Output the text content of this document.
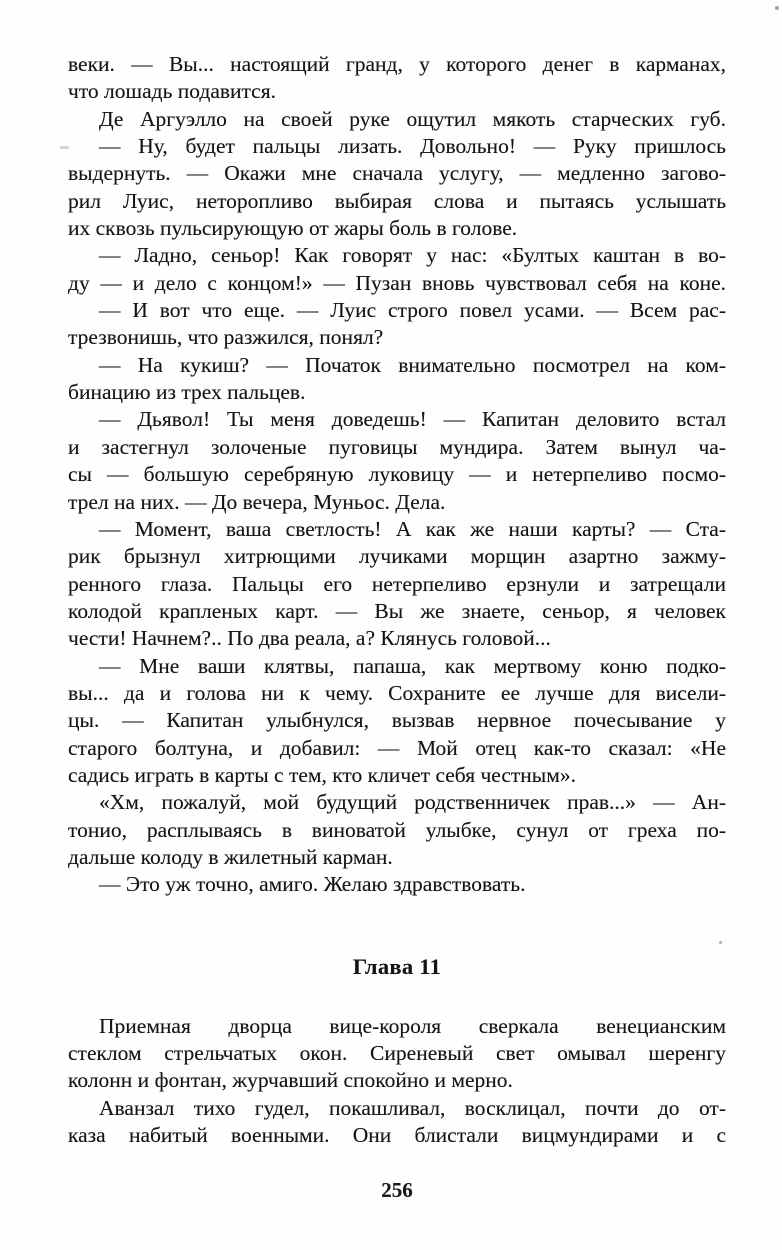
веки. — Вы... настоящий гранд, у которого денег в карманах,
что лошадь подавится.
Де Аргуэлло на своей руке ощутил мякоть старческих губ.
— Ну, будет пальцы лизать. Довольно! — Руку пришлось
выдернуть. — Окажи мне сначала услугу, — медленно загово-
рил Луис, неторопливо выбирая слова и пытаясь услышать
их сквозь пульсирующую от жары боль в голове.
— Ладно, сеньор! Как говорят у нас: «Бултых каштан в во-
ду — и дело с концом!» — Пузан вновь чувствовал себя на коне.
— И вот что еще. — Луис строго повел усами. — Всем рас-
трезвонишь, что разжился, понял?
— На кукиш? — Початок внимательно посмотрел на ком-
бинацию из трех пальцев.
— Дьявол! Ты меня доведешь! — Капитан деловито встал
и застегнул золоченые пуговицы мундира. Затем вынул ча-
сы — большую серебряную луковицу — и нетерпеливо посмо-
трел на них. — До вечера, Муньос. Дела.
— Момент, ваша светлость! А как же наши карты? — Ста-
рик брызнул хитрющими лучиками морщин азартно зажму-
ренного глаза. Пальцы его нетерпеливо ерзнули и затрещали
колодой крапленых карт. — Вы же знаете, сеньор, я человек
чести! Начнем?.. По два реала, а? Клянусь головой...
— Мне ваши клятвы, папаша, как мертвому коню подко-
вы... да и голова ни к чему. Сохраните ее лучше для висели-
цы. — Капитан улыбнулся, вызвав нервное почесывание у
старого болтуна, и добавил: — Мой отец как-то сказал: «Не
садись играть в карты с тем, кто кличет себя честным».
«Хм, пожалуй, мой будущий родственничек прав...» — Ан-
тонио, расплываясь в виноватой улыбке, сунул от греха по-
дальше колоду в жилетный карман.
— Это уж точно, амиго. Желаю здравствовать.
Глава 11
Приемная дворца вице-короля сверкала венецианским
стеклом стрельчатых окон. Сиреневый свет омывал шеренгу
колонн и фонтан, журчавший спокойно и мерно.
Аванзал тихо гудел, покашливал, восклицал, почти до от-
каза набитый военными. Они блистали вицмундирами и с
256
